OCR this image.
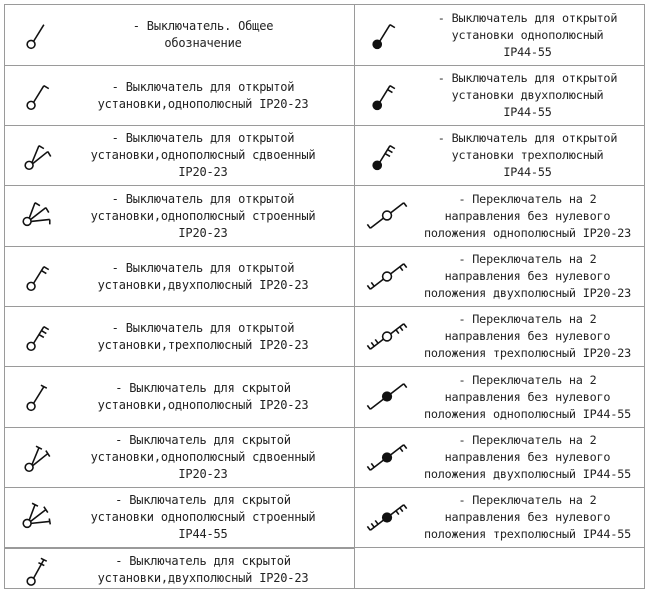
- Выключатель. Общее
обозначение
- Выключатель для открытой
установки,однополюсный IP20-23
- Выключатель для открытой
установки,однополюсный сдвоенный
IP20-23
- Выключатель для открытой
установки,однополюсный строенный
IP20-23
- Выключатель для открытой
установки,двухполюсный IP20-23
- Выключатель для открытой
установки,трехполюсный IP20-23
- Выключатель для скрытой
установки,однополюсный IP20-23
- Выключатель для скрытой
установки,однополюсный сдвоенный
IP20-23
- Выключатель для скрытой
установки однополюсный строенный
IP44-55
- Выключатель для скрытой
установки,двухполюсный IP20-23
- Выключатель для открытой
установки однополюсный
IP44-55
- Выключатель для открытой
установки двухполюсный
IP44-55
- Выключатель для открытой
установки трехполюсный
IP44-55
- Переключатель на 2
направления без нулевого
положения однополюсный IP20-23
- Переключатель на 2
направления без нулевого
положения двухполюсный IP20-23
- Переключатель на 2
направления без нулевого
положения трехполюсный IP20-23
- Переключатель на 2
направления без нулевого
положения однополюсный IP44-55
- Переключатель на 2
направления без нулевого
положения двухполюсный IP44-55
- Переключатель на 2
направления без нулевого
положения трехполюсный IP44-55
